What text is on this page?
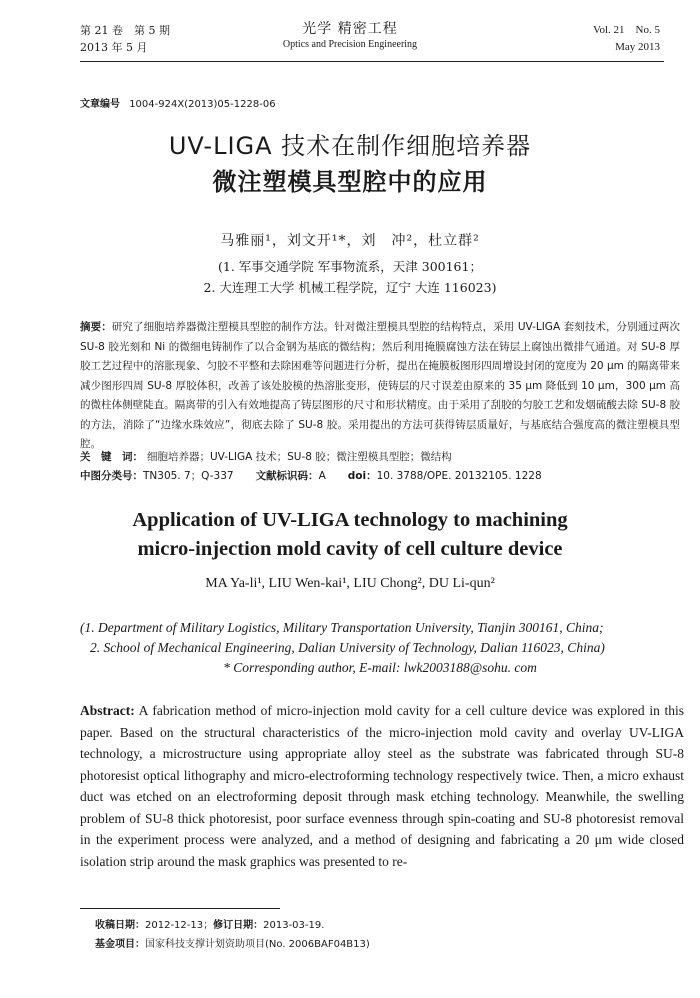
第 21 卷　第 5 期
2013 年 5 月
光学 精密工程
Optics and Precision Engineering
Vol. 21　No. 5
May 2013
文章编号 1004-924X(2013)05-1228-06
UV-LIGA 技术在制作细胞培养器
微注塑模具型腔中的应用
马雅丽¹，刘文开¹*，刘　冲²，杜立群²
(1. 军事交通学院 军事物流系，天津 300161；
2. 大连理工大学 机械工程学院，辽宁 大连 116023)
摘要：研究了细胞培养器微注塑模具型腔的制作方法。针对微注塑模具型腔的结构特点，采用 UV-LIGA 套刻技术，分别通过两次 SU-8 胶光刻和 Ni 的微细电铸制作了以合金钢为基底的微结构；然后利用掩膜腐蚀方法在铸层上腐蚀出微排气通道。对 SU-8 厚胶工艺过程中的溶胀现象、匀胶不平整和去除困难等问题进行分析，提出在掩膜板图形四周增设封闭的宽度为 20 μm 的隔离带来减少图形四周 SU-8 厚胶体积，改善了该处胶模的热溶胀变形，使铸层的尺寸误差由原来的 35 μm 降低到 10 μm，300 μm 高的微柱体侧壁陡直。隔离带的引入有效地提高了铸层图形的尺寸和形状精度。由于采用了刮胶的匀胶工艺和发烟硫酸去除 SU-8 胶的方法，消除了“边缘水珠效应”，彻底去除了 SU-8 胶。采用提出的方法可获得铸层质量好，与基底结合强度高的微注塑模具型腔。
关　键　词： 细胞培养器；UV-LIGA 技术；SU-8 胶；微注塑模具型腔；微结构
中图分类号：TN305. 7；Q-337 文献标识码：A doi：10. 3788/OPE. 20132105. 1228
Application of UV-LIGA technology to machining
micro-injection mold cavity of cell culture device
MA Ya-li¹, LIU Wen-kai¹, LIU Chong², DU Li-qun²
(1. Department of Military Logistics, Military Transportation University, Tianjin 300161, China;
2. School of Mechanical Engineering, Dalian University of Technology, Dalian 116023, China)
* Corresponding author, E-mail: lwk2003188@sohu. com
Abstract: A fabrication method of micro-injection mold cavity for a cell culture device was explored in this paper. Based on the structural characteristics of the micro-injection mold cavity and overlay UV-LIGA technology, a microstructure using appropriate alloy steel as the substrate was fabricated through SU-8 photoresist optical lithography and micro-electroforming technology respectively twice. Then, a micro exhaust duct was etched on an electroforming deposit through mask etching technology. Meanwhile, the swelling problem of SU-8 thick photoresist, poor surface evenness through spin-coating and SU-8 photoresist removal in the experiment process were analyzed, and a method of designing and fabricating a 20 μm wide closed isolation strip around the mask graphics was presented to re-
收稿日期：2012-12-13；修订日期：2013-03-19.
基金项目：国家科技支撑计划资助项目(No. 2006BAF04B13)
